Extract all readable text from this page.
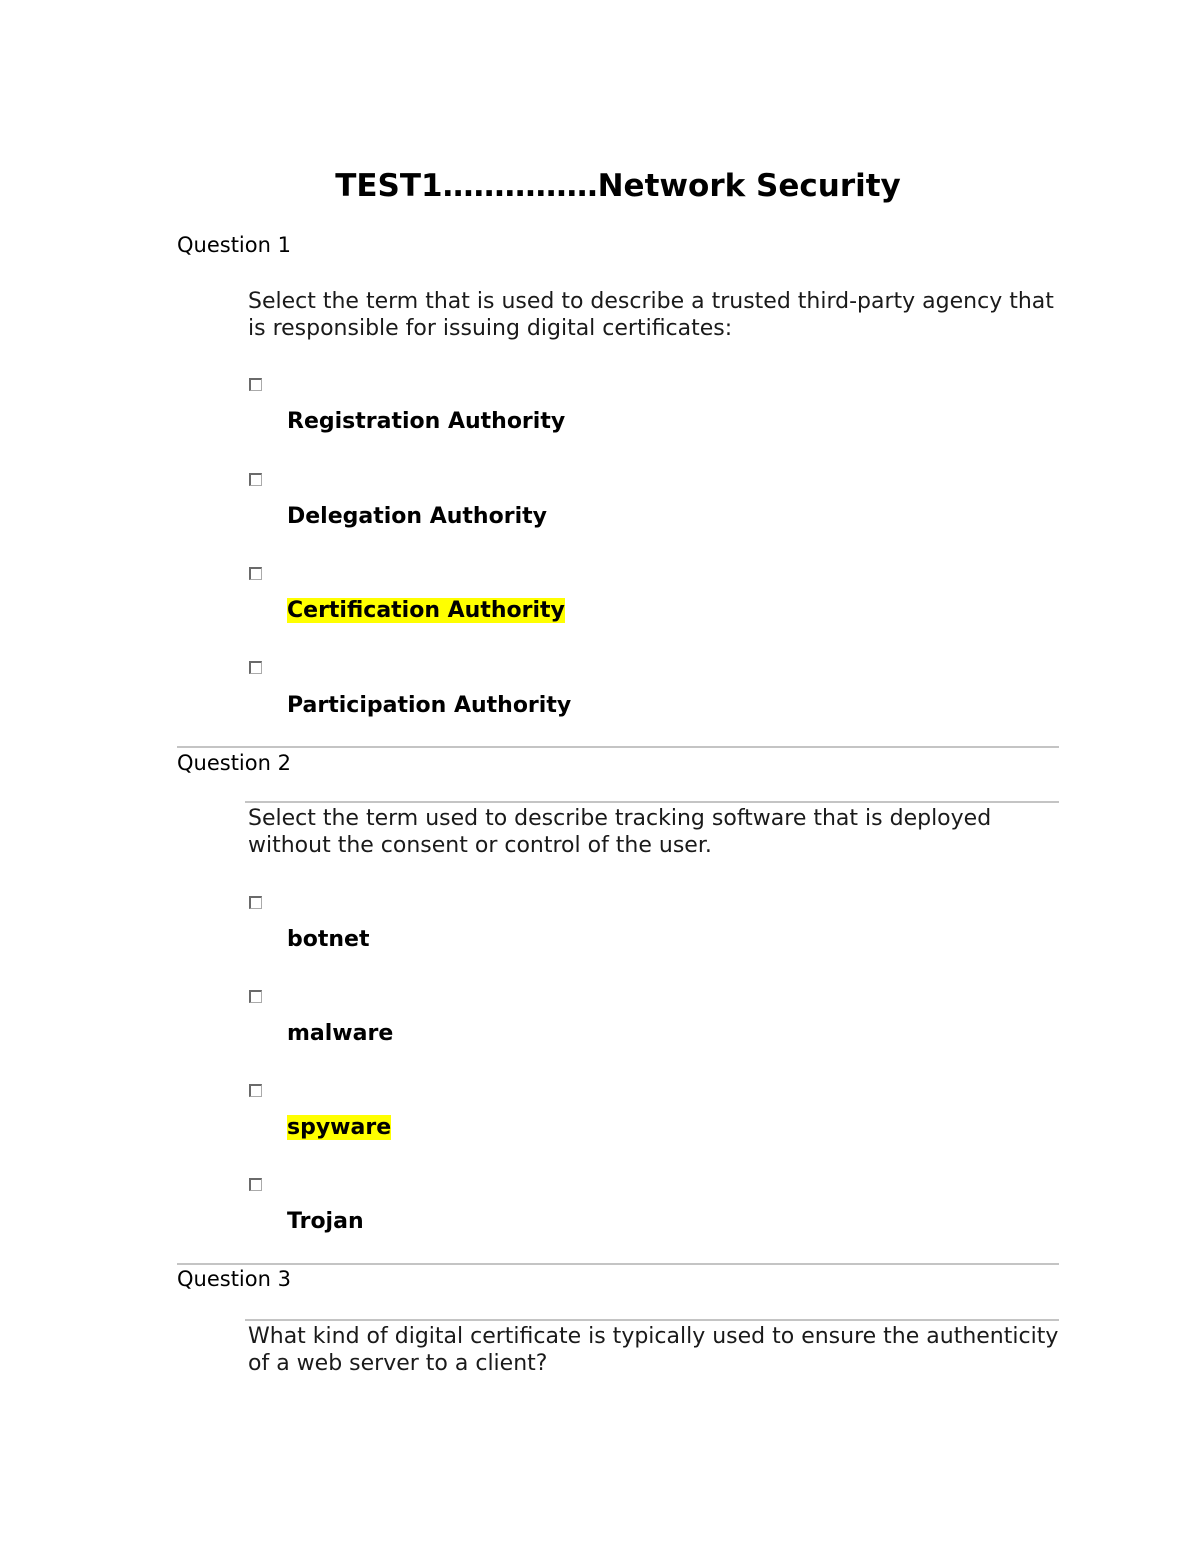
TEST1……………Network Security
Question 1
Select the term that is used to describe a trusted third-party agency that is responsible for issuing digital certificates:
Registration Authority
Delegation Authority
Certification Authority
Participation Authority
Question 2
Select the term used to describe tracking software that is deployed without the consent or control of the user.
botnet
malware
spyware
Trojan
Question 3
What kind of digital certificate is typically used to ensure the authenticity of a web server to a client?
